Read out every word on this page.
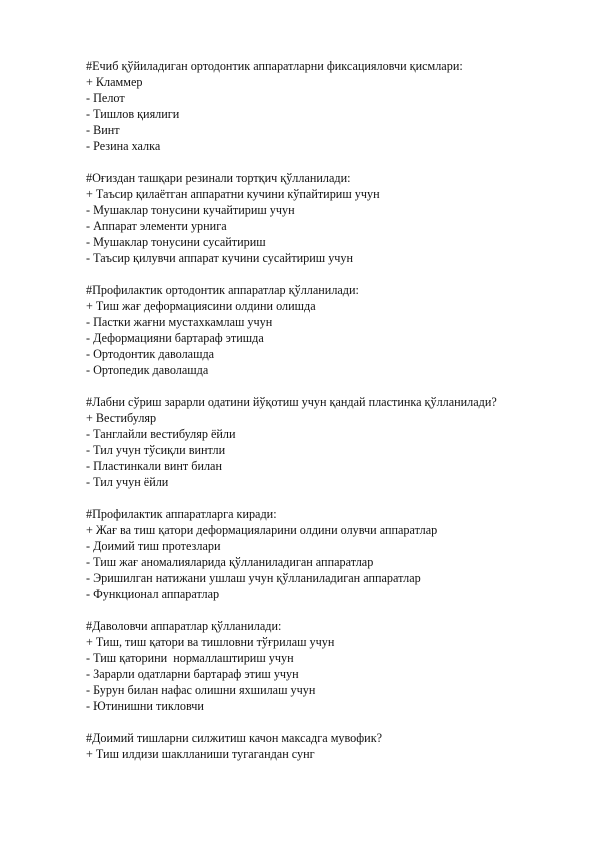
#Ечиб қўйиладиган ортодонтик аппаратларни фиксацияловчи қисмлари:
+ Кламмер
- Пелот
- Тишлов қиялиги
- Винт
- Резина халка
#Оғиздан ташқари резинали тортқич қўлланилади:
+ Таъсир қилаётган аппаратни кучини кўпайтириш учун
- Мушаклар тонусини кучайтириш учун
- Аппарат элементи урнига
- Мушаклар тонусини сусайтириш
- Таъсир қилувчи аппарат кучини сусайтириш учун
#Профилактик ортодонтик аппаратлар қўлланилади:
+ Тиш жағ деформациясини олдини олишда
- Пастки жағни мустахкамлаш учун
- Деформацияни бартараф этишда
- Ортодонтик даволашда
- Ортопедик даволашда
#Лабни сўриш зарарли одатини йўқотиш учун қандай пластинка қўлланилади?
+ Вестибуляр
- Танглайли вестибуляр ёйли
- Тил учун тўсиқли винтли
- Пластинкали винт билан
- Тил учун ёйли
#Профилактик аппаратларга киради:
+ Жағ ва тиш қатори деформацияларини олдини олувчи аппаратлар
- Доимий тиш протезлари
- Тиш жағ аномалияларида қўлланиладиган аппаратлар
- Эришилган натижани ушлаш учун қўлланиладиган аппаратлар
- Функционал аппаратлар
#Даволовчи аппаратлар қўлланилади:
+ Тиш, тиш қатори ва тишловни тўғрилаш учун
- Тиш қаторини  нормаллаштириш учун
- Зарарли одатларни бартараф этиш учун
- Бурун билан нафас олишни яхшилаш учун
- Ютинишни тикловчи
#Доимий тишларни силжитиш качон максадга мувофик?
+ Тиш илдизи шаклланиши тугагандан сунг
